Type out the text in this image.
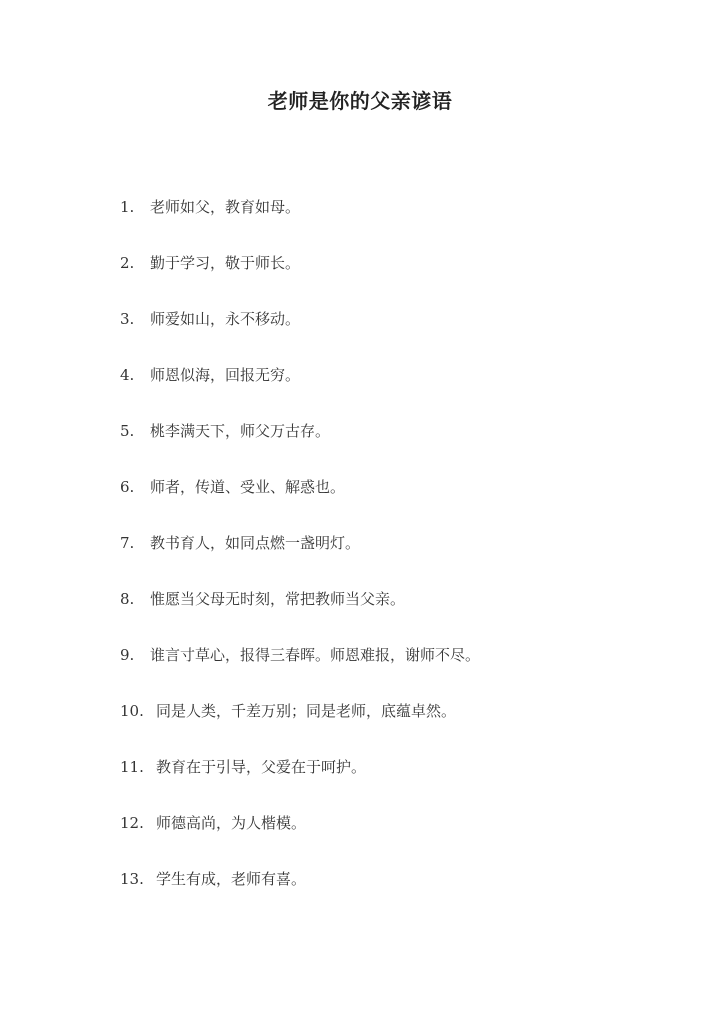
老师是你的父亲谚语
1. 老师如父，教育如母。
2. 勤于学习，敬于师长。
3. 师爱如山，永不移动。
4. 师恩似海，回报无穷。
5. 桃李满天下，师父万古存。
6. 师者，传道、受业、解惑也。
7. 教书育人，如同点燃一盏明灯。
8. 惟愿当父母无时刻，常把教师当父亲。
9. 谁言寸草心，报得三春晖。师恩难报，谢师不尽。
10. 同是人类，千差万别；同是老师，底蕴卓然。
11. 教育在于引导，父爱在于呵护。
12. 师德高尚，为人楷模。
13. 学生有成，老师有喜。
